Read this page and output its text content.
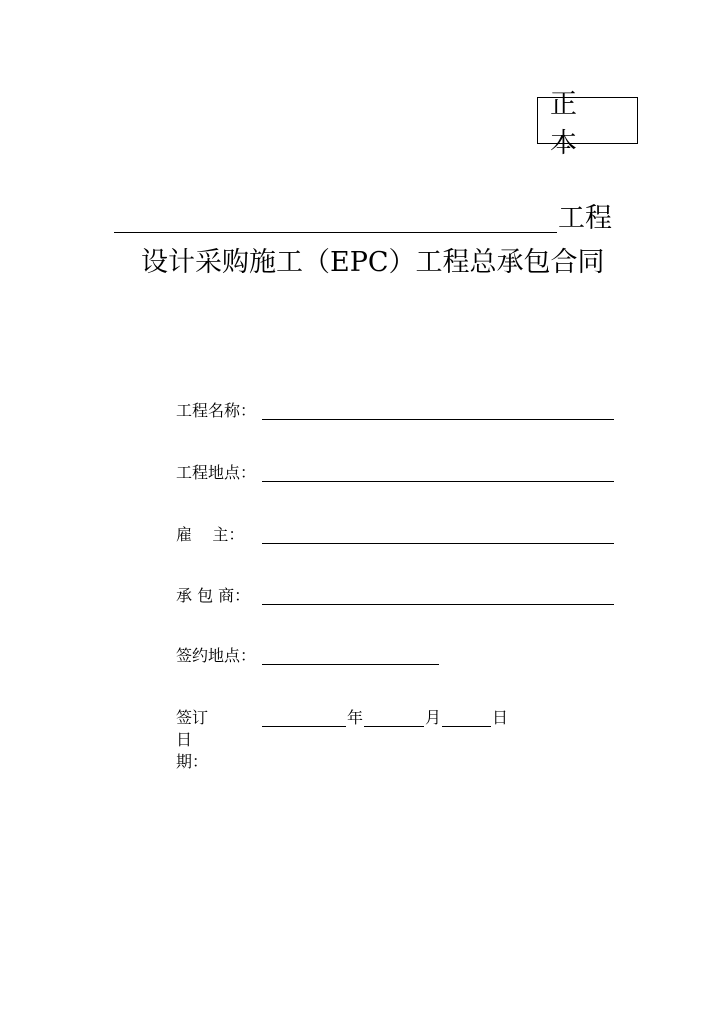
正 本
工程
设计采购施工（EPC）工程总承包合同
工程名称：
工程地点：
雇    主：
承 包 商：
签约地点：
签订日期：
年	月	日
